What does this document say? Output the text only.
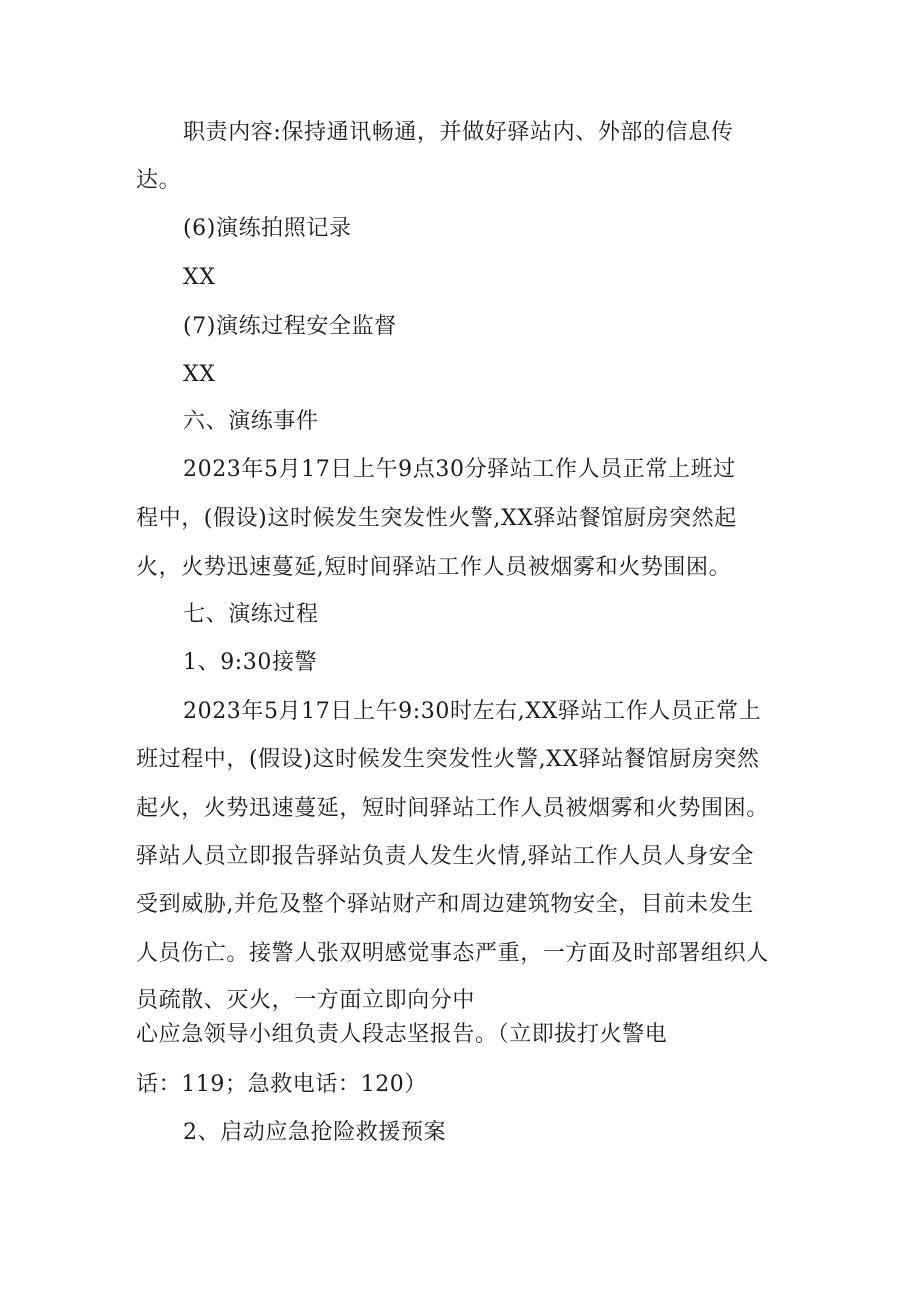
职责内容:保持通讯畅通，并做好驿站内、外部的信息传
达。
(6)演练拍照记录
XX
(7)演练过程安全监督
XX
六、演练事件
2023年5月17日上午9点30分驿站工作人员正常上班过
程中，(假设)这时候发生突发性火警,XX驿站餐馆厨房突然起
火，火势迅速蔓延,短时间驿站工作人员被烟雾和火势围困。
七、演练过程
1、9:30接警
2023年5月17日上午9:30时左右,XX驿站工作人员正常上
班过程中，(假设)这时候发生突发性火警,XX驿站餐馆厨房突然
起火，火势迅速蔓延，短时间驿站工作人员被烟雾和火势围困。
驿站人员立即报告驿站负责人发生火情,驿站工作人员人身安全
受到威胁,并危及整个驿站财产和周边建筑物安全，目前未发生
人员伤亡。接警人张双明感觉事态严重，一方面及时部署组织人
员疏散、灭火，一方面立即向分中
心应急领导小组负责人段志坚报告。（立即拔打火警电
话：119；急救电话：120）
2、启动应急抢险救援预案
